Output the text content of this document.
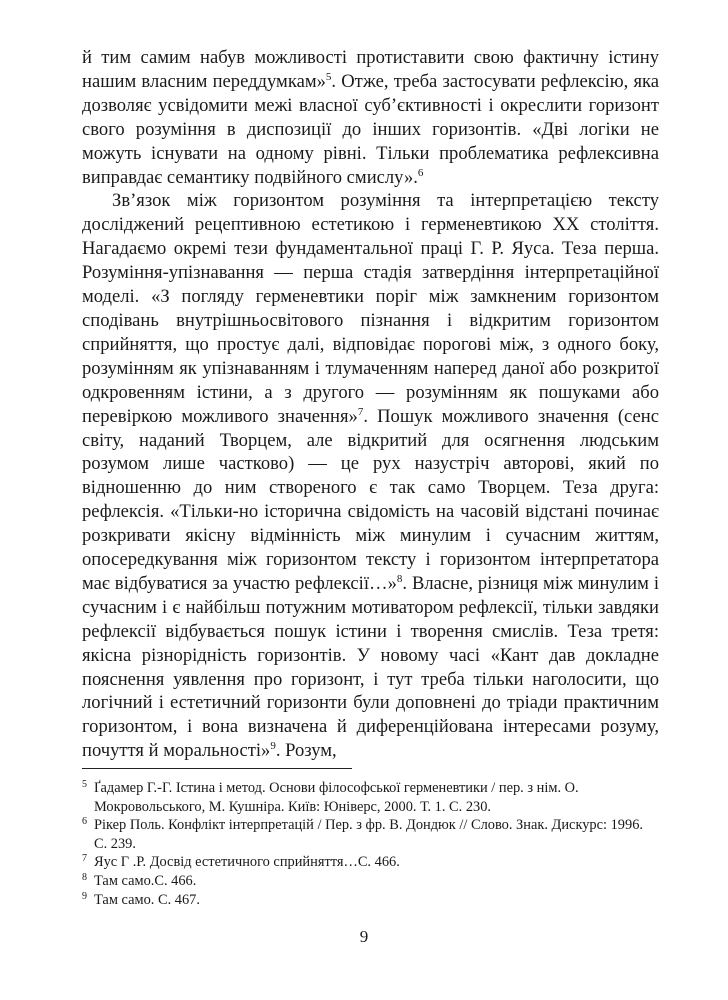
й тим самим набув можливості протиставити свою фактичну істину нашим власним переддумкам»$^5$. Отже, треба застосувати рефлексію, яка дозволяє усвідомити межі власної суб’єктивності і окреслити горизонт свого розуміння в диспозиції до інших горизонтів. «Дві логіки не можуть існувати на одному рівні. Тільки проблематика рефлексивна виправдає семантику подвійного смислу».$^6$

Зв’язок між горизонтом розуміння та інтерпретацією тексту досліджений рецептивною естетикою і герменевтикою ХХ століття. Нагадаємо окремі тези фундаментальної праці Г. Р. Яуса. Теза перша. Розуміння-упізнавання — перша стадія затвердіння інтерпретаційної моделі. «З погляду герменевтики поріг між замкненим горизонтом сподівань внутрішньосвітового пізнання і відкритим горизонтом сприйняття, що простує далі, відповідає пороговi між, з одного боку, розумінням як упізнаванням і тлумаченням наперед даної або розкритої одкровенням істини, а з другого — розумінням як пошуками або перевіркою можливого значення»$^7$. Пошук можливого значення (сенс світу, наданий Творцем, але відкритий для осягнення людським розумом лише частково) — це рух назустріч авторові, який по відношенню до ним створеного є так само Творцем. Теза друга: рефлексія. «Тільки-но історична свідомість на часовій відстані починає розкривати якісну відмінність між минулим і сучасним життям, опосередкування між горизонтом тексту і горизонтом інтерпретатора має відбуватися за участю рефлексії…»$^8$. Власне, різниця між минулим і сучасним і є найбільш потужним мотиватором рефлексії, тільки завдяки рефлексії відбувається пошук істини і творення смислів. Теза третя: якісна різнорідність горизонтів. У новому часі «Кант дав докладне пояснення уявлення про горизонт, і тут треба тільки наголосити, що логічний і естетичний горизонти були доповнені до тріади практичним горизонтом, і вона визначена й диференційована інтересами розуму, почуття й моральності»$^9$. Розум,

5 Ґадамер Г.-Г. Істина і метод. Основи філософської герменевтики / пер. з нім. О. Мокровольського, М. Кушніра. Київ: Юніверс, 2000. Т. 1. С. 230.
6 Рікер Поль. Конфлікт інтерпретацій / Пер. з фр. В. Дондюк // Слово. Знак. Дискурс: 1996. С. 239.
7 Яус Г .Р. Досвід естетичного сприйняття…С. 466.
8 Там само.С. 466.
9 Там само. С. 467.
9
